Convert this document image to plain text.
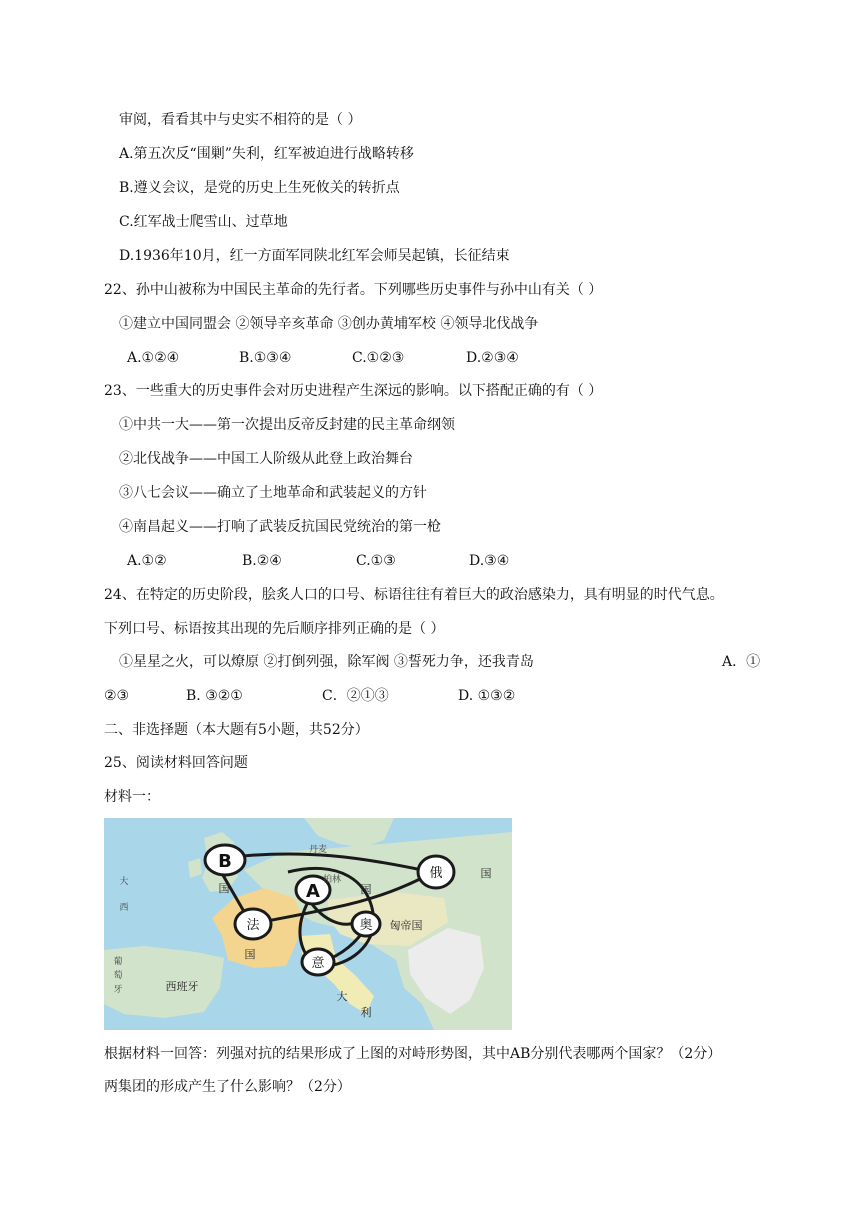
审阅，看看其中与史实不相符的是（ ）
A.第五次反“围剿”失利，红军被迫进行战略转移
B.遵义会议，是党的历史上生死攸关的转折点
C.红军战士爬雪山、过草地
D.1936年10月，红一方面军同陕北红军会师吴起镇，长征结束
22、孙中山被称为中国民主革命的先行者。下列哪些历史事件与孙中山有关（ ）
①建立中国同盟会 ②领导辛亥革命 ③创办黄埔军校 ④领导北伐战争
A.①②④	B.①③④	C.①②③	D.②③④
23、一些重大的历史事件会对历史进程产生深远的影响。以下搭配正确的有（ ）
①中共一大——第一次提出反帝反封建的民主革命纲领
②北伐战争——中国工人阶级从此登上政治舞台
③八七会议——确立了土地革命和武装起义的方针
④南昌起义——打响了武装反抗国民党统治的第一枪
A.①②	B.②④	C.①③	D.③④
24、在特定的历史阶段，脍炙人口的口号、标语往往有着巨大的政治感染力，具有明显的时代气息。
下列口号、标语按其出现的先后顺序排列正确的是（ ）
①星星之火，可以燎原 ②打倒列强，除军阀 ③誓死力争，还我青岛	A．①
②③	B. ③②①	C．②①③	D. ①③②
二、非选择题（本大题有5小题，共52分）
25、阅读材料回答问题
材料一：
B
A
俄
法	奥
意
国
国
国
柏林
国
匈帝国
大
利
西班牙
葡
萄
牙
丹麦
大
西
根据材料一回答：列强对抗的结果形成了上图的对峙形势图，其中AB分别代表哪两个国家？（2分）
两集团的形成产生了什么影响？（2分）
